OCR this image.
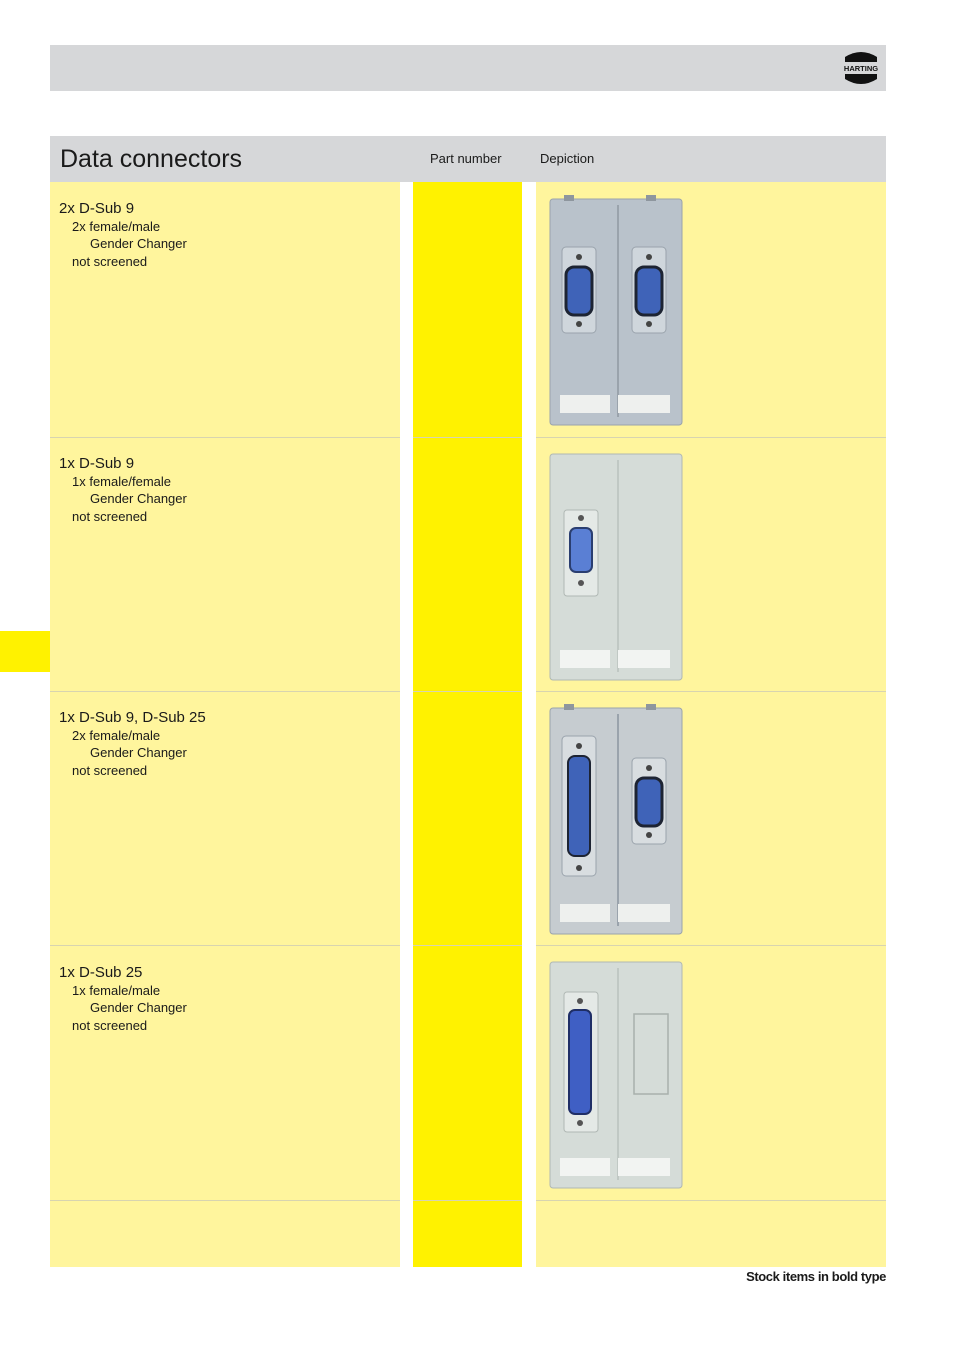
HARTING
Data connectors	Part number	Depiction
2x D-Sub 9
2x female/male
Gender Changer
not screened
1x D-Sub 9
1x female/female
Gender Changer
not screened
1x D-Sub 9, D-Sub 25
2x female/male
Gender Changer
not screened
1x D-Sub 25
1x female/male
Gender Changer
not screened
Stock items in bold type
